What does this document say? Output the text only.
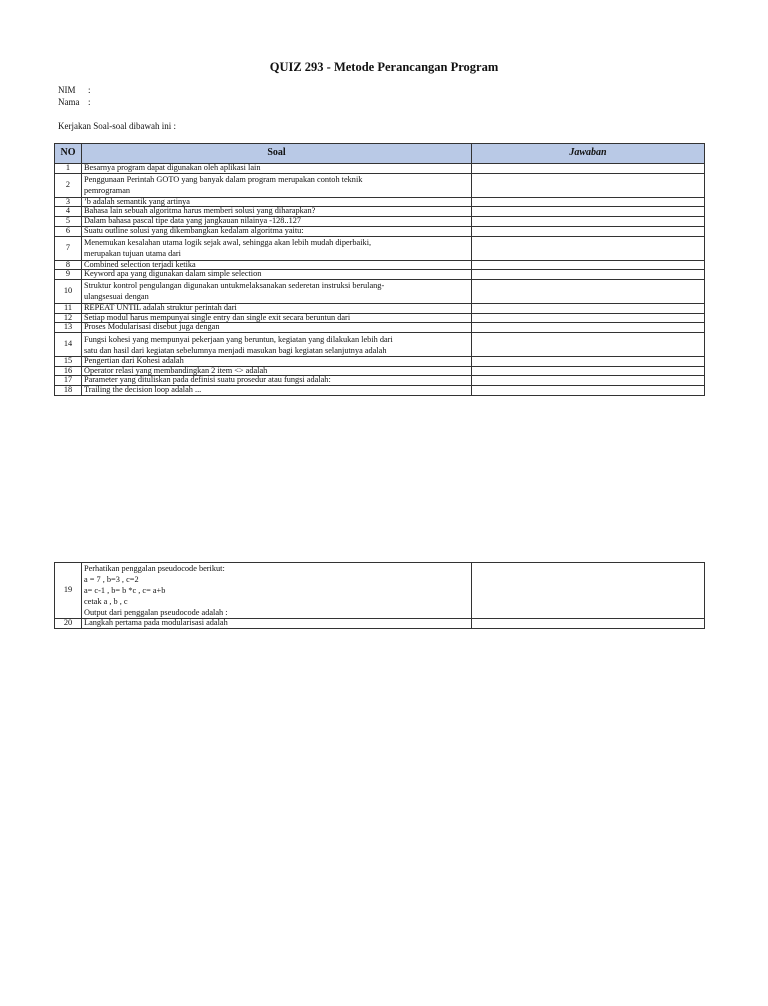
QUIZ 293 - Metode Perancangan Program
NIM :
Nama :
Kerjakan Soal-soal dibawah ini :
NO	Soal	Jawaban
1	Besarnya program dapat digunakan oleh aplikasi lain	
2	Penggunaan Perintah GOTO yang banyak dalam program merupakan contoh teknik
pemrograman	

3	’b adalah semantik yang artinya	
4	Bahasa lain sebuah algoritma harus memberi solusi yang diharapkan?	
5	Dalam bahasa pascal tipe data yang jangkauan nilainya -128..127	
6	Suatu outline solusi yang dikembangkan kedalam algoritma yaitu:	
7	Menemukan kesalahan utama logik sejak awal, sehingga akan lebih mudah diperbaiki,
merupakan tujuan utama dari	

8	Combined selection terjadi ketika	
9	Keyword apa yang digunakan dalam simple selection	
10	Struktur kontrol pengulangan digunakan untukmelaksanakan sederetan instruksi berulang-
ulangsesuai dengan	

11	REPEAT UNTIL adalah struktur perintah dari	
12	Setiap modul harus mempunyai single entry dan single exit secara beruntun dari	
13	Proses Modularisasi disebut juga dengan	
14	Fungsi kohesi yang mempunyai pekerjaan yang beruntun, kegiatan yang dilakukan lebih dari
satu dan hasil dari kegiatan sebelumnya menjadi masukan bagi kegiatan selanjutnya adalah	

15	Pengertian dari Kohesi adalah	
16	Operator relasi yang membandingkan 2 item <> adalah	
17	Parameter yang dituliskan pada definisi suatu prosedur atau fungsi adalah:	
18	Trailing the decision loop adalah ...	
19	Perhatikan penggalan pseudocode berikut:
a = 7 , b=3 , c=2
a= c-1 , b= b *c , c= a+b
cetak a , b , c
Output dari penggalan pseudocode adalah :	

20	Langkah pertama pada modularisasi adalah	
